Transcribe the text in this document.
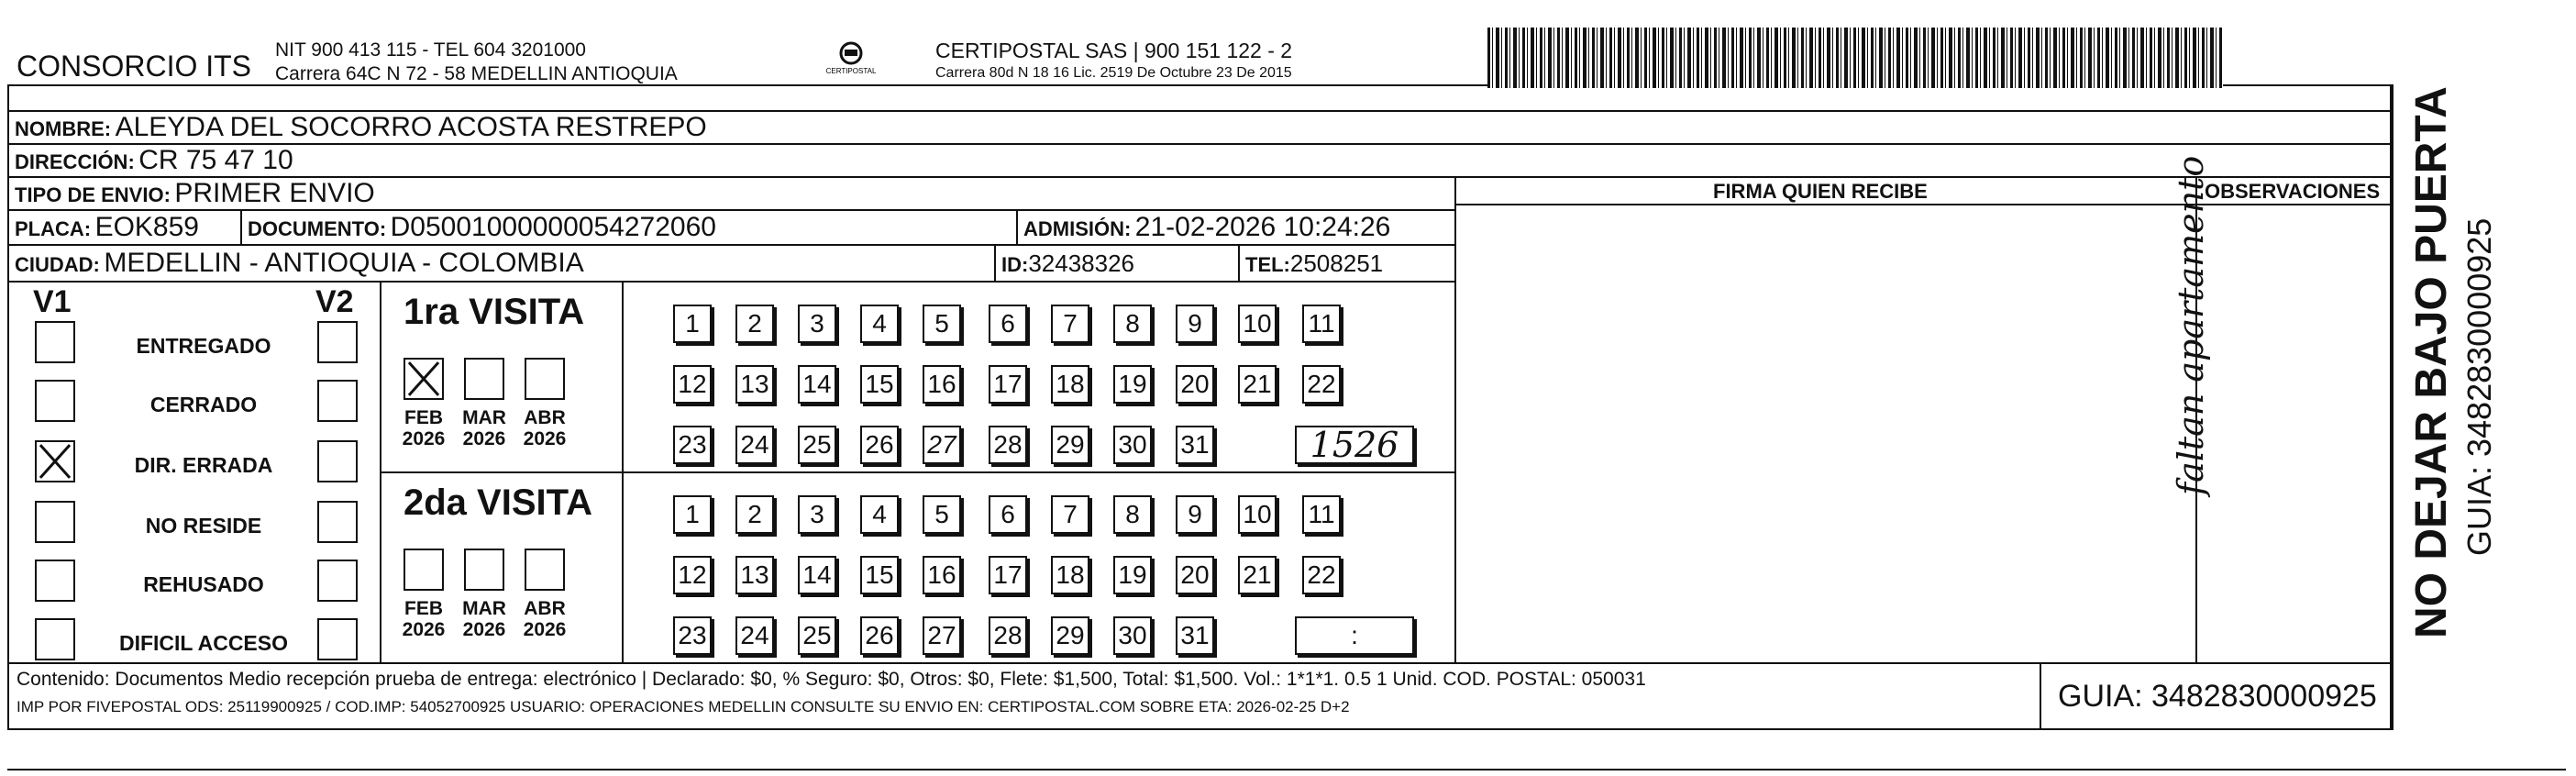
CONSORCIO ITS NIT 900 413 115 - TEL 604 3201000
Carrera 64C N 72 - 58 MEDELLIN ANTIOQUIA	CERTIPOSTAL
CERTIPOSTAL SAS | 900 151 122 - 2
Carrera 80d N 18 16 Lic. 2519 De Octubre 23 De 2015
NOMBRE: ALEYDA DEL SOCORRO ACOSTA RESTREPO
DIRECCIÓN: CR 75 47 10
TIPO DE ENVIO: PRIMER ENVIO
PLACA: EOK859 DOCUMENTO: D05001000000054272060	ADMISIÓN: 21-02-2026 10:24:26
CIUDAD: MEDELLIN - ANTIOQUIA - COLOMBIA	ID:32438326	TEL:2508251
FIRMA QUIEN RECIBE	OBSERVACIONES
faltan apartamento
V1	V2
ENTREGADO
CERRADO
DIR. ERRADA
NO RESIDE
REHUSADO
DIFICIL ACCESO
1ra VISITA
FEB
2026
MAR
2026
ABR
2026
1	2	3	4	5	6	7	8	9	10 11
12 13 14 15 16 17 18 19 20 21 22
23 24 25 26 27 28 29 30 31	1526
2da VISITA
FEB
2026
MAR
2026
ABR
2026
1	2	3	4	5	6	7	8	9	10 11
12 13 14 15 16 17 18 19 20 21 22
23 24 25 26 27 28 29 30 31	:
Contenido: Documentos Medio recepción prueba de entrega: electrónico | Declarado: $0, % Seguro: $0, Otros: $0, Flete: $1,500, Total: $1,500. Vol.: 1*1*1. 0.5 1 Unid. COD. POSTAL: 050031
IMP POR FIVEPOSTAL ODS: 25119900925 / COD.IMP: 54052700925 USUARIO: OPERACIONES MEDELLIN CONSULTE SU ENVIO EN: CERTIPOSTAL.COM SOBRE ETA: 2026-02-25 D+2	GUIA: 3482830000925
NO DEJAR BAJO PUERTA GUIA: 3482830000925
